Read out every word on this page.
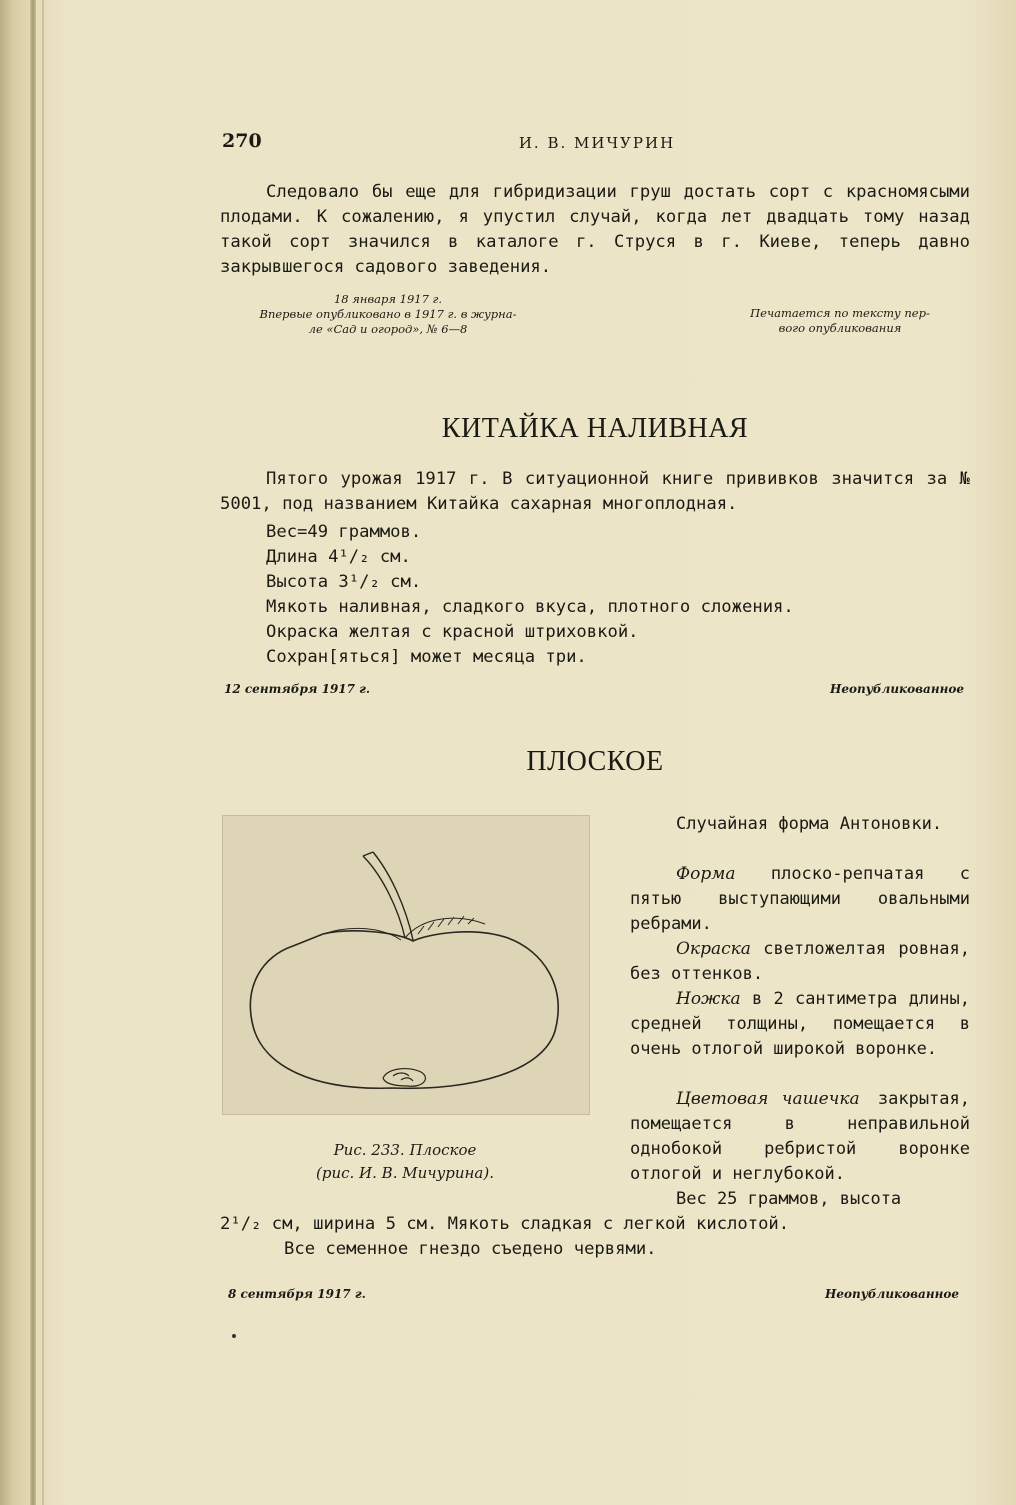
270	И. В. МИЧУРИН

Следовало бы еще для гибридизации груш достать сорт с красномясыми плодами. К сожалению, я упустил случай, когда лет двадцать тому назад такой сорт значился в каталоге г. Струся в г. Киеве, теперь давно закрывшегося садового заведения.

18 января 1917 г.
Впервые опубликовано в 1917 г. в журна-
ле «Сад и огород», № 6—8

Печатается по тексту пер-
вого опубликования

КИТАЙКА НАЛИВНАЯ

Пятого урожая 1917 г. В ситуационной книге прививков значится за № 5001, под названием Китайка сахарная многоплодная.

Вес=49 граммов.

Длина 4¹/₂ см.

Высота 3¹/₂ см.

Мякоть наливная, сладкого вкуса, плотного сложения.

Окраска желтая с красной штриховкой.

Сохран[яться] может месяца три.

12 сентября 1917 г.	Неопубликованное
ПЛОСКОЕ

Рис. 233. Плоское
(рис. И. В. Мичурина).

Случайная форма Антоновки.

Форма плоско-репчатая с пятью выступающими овальными ребрами.

Окраска светложелтая ровная, без оттенков.

Ножка в 2 сантиметра длины, средней толщины, помещается в очень отлогой широкой воронке.

Цветовая чашечка закрытая, помещается в неправильной однобокой ребристой воронке отлогой и неглубокой.

Вес 25 граммов, высота

2¹/₂ см, ширина 5 см. Мякоть сладкая с легкой кислотой.

Все семенное гнездо съедено червями.

8 сентября 1917 г.	Неопубликованное
